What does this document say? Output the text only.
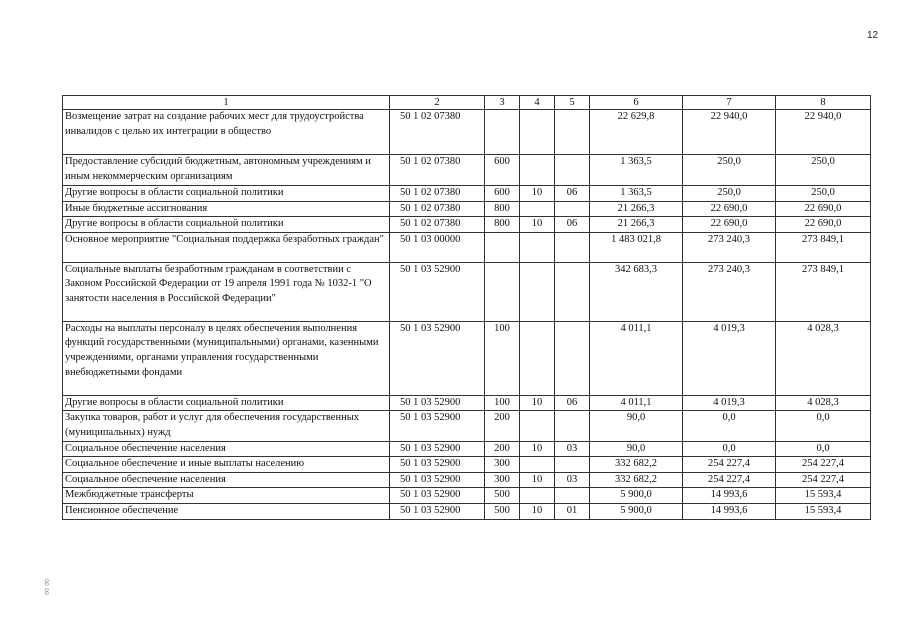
12
1	2	3	4	5	6	7	8
Возмещение затрат на создание рабочих мест для трудоустройства инвалидов с целью их интеграции в общество	50 1 02 07380				22 629,8	22 940,0	22 940,0
Предоставление субсидий бюджетным, автономным учреждениям и иным некоммерческим организациям	50 1 02 07380	600			1 363,5	250,0	250,0
Другие вопросы в области социальной политики	50 1 02 07380	600	10	06	1 363,5	250,0	250,0
Иные бюджетные ассигнования	50 1 02 07380	800			21 266,3	22 690,0	22 690,0
Другие вопросы в области социальной политики	50 1 02 07380	800	10	06	21 266,3	22 690,0	22 690,0
Основное мероприятие "Социальная поддержка безработных граждан"	50 1 03 00000				1 483 021,8	273 240,3	273 849,1
Социальные выплаты безработным гражданам в соответствии с Законом Российской Федерации от 19 апреля 1991 года № 1032-1 "О занятости населения в Российской Федерации"	50 1 03 52900				342 683,3	273 240,3	273 849,1
Расходы на выплаты персоналу в целях обеспечения выполнения функций государственными (муниципальными) органами, казенными учреждениями, органами управления государственными внебюджетными фондами	50 1 03 52900	100			4 011,1	4 019,3	4 028,3
Другие вопросы в области социальной политики	50 1 03 52900	100	10	06	4 011,1	4 019,3	4 028,3
Закупка товаров, работ и услуг для обеспечения государственных (муниципальных) нужд	50 1 03 52900	200			90,0	0,0	0,0
Социальное обеспечение населения	50 1 03 52900	200	10	03	90,0	0,0	0,0
Социальное обеспечение и иные выплаты населению	50 1 03 52900	300			332 682,2	254 227,4	254 227,4
Социальное обеспечение населения	50 1 03 52900	300	10	03	332 682,2	254 227,4	254 227,4
Межбюджетные трансферты	50 1 03 52900	500			5 900,0	14 993,6	15 593,4
Пенсионное обеспечение	50 1 03 52900	500	10	01	5 900,0	14 993,6	15 593,4
∞∞
